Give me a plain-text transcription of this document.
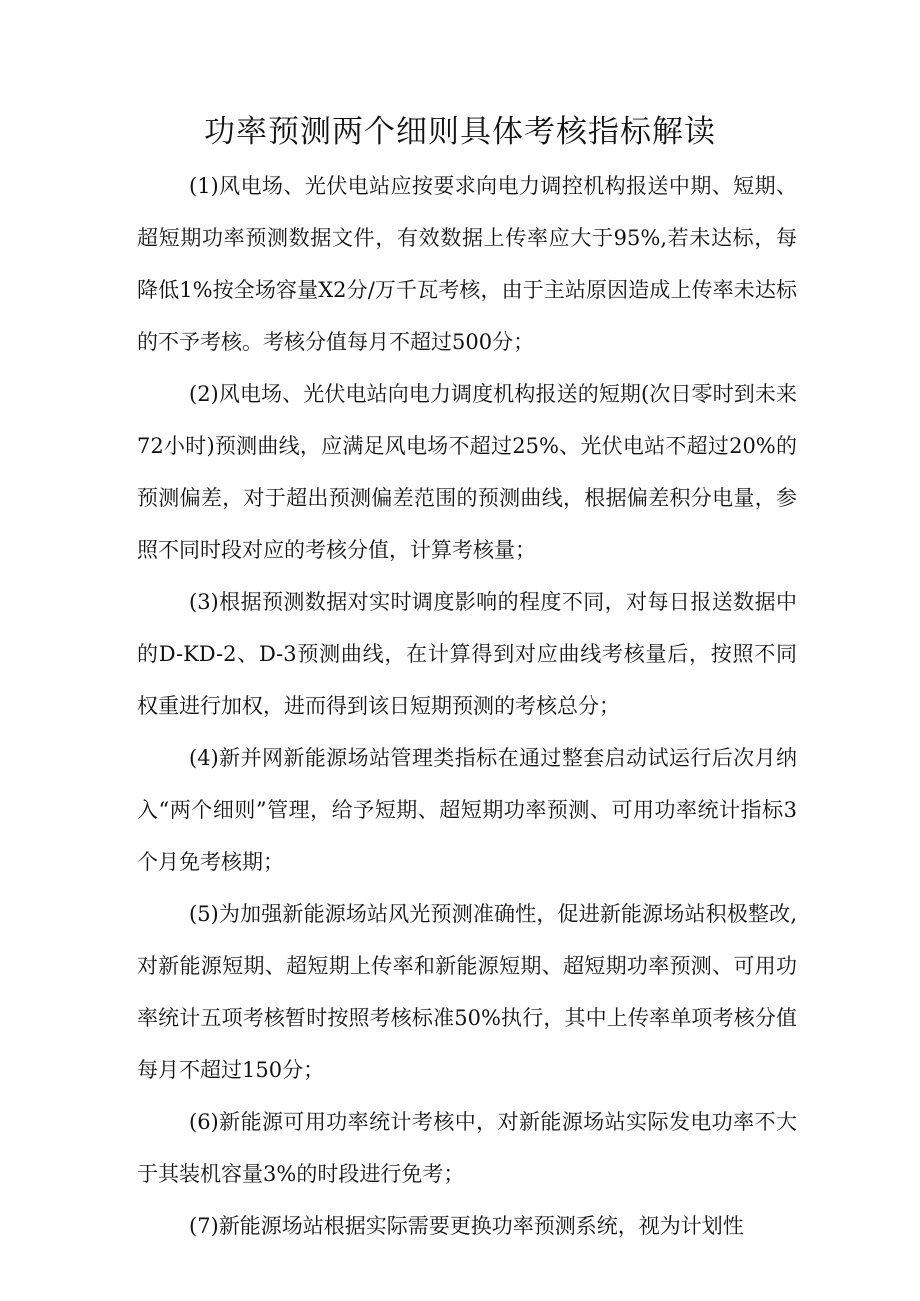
功率预测两个细则具体考核指标解读

(1)风电场、光伏电站应按要求向电力调控机构报送中期、短期、超短期功率预测数据文件，有效数据上传率应大于95%,若未达标，每降低1%按全场容量X2分/万千瓦考核，由于主站原因造成上传率未达标的不予考核。考核分值每月不超过500分；

(2)风电场、光伏电站向电力调度机构报送的短期(次日零时到未来72小时)预测曲线，应满足风电场不超过25%、光伏电站不超过20%的预测偏差，对于超出预测偏差范围的预测曲线，根据偏差积分电量，参照不同时段对应的考核分值，计算考核量；

(3)根据预测数据对实时调度影响的程度不同，对每日报送数据中的D-KD-2、D-3预测曲线，在计算得到对应曲线考核量后，按照不同权重进行加权，进而得到该日短期预测的考核总分；

(4)新并网新能源场站管理类指标在通过整套启动试运行后次月纳入“两个细则”管理，给予短期、超短期功率预测、可用功率统计指标3个月免考核期；

(5)为加强新能源场站风光预测准确性，促进新能源场站积极整改,对新能源短期、超短期上传率和新能源短期、超短期功率预测、可用功率统计五项考核暂时按照考核标准50%执行，其中上传率单项考核分值每月不超过150分；

(6)新能源可用功率统计考核中，对新能源场站实际发电功率不大于其装机容量3%的时段进行免考；

(7)新能源场站根据实际需要更换功率预测系统，视为计划性
